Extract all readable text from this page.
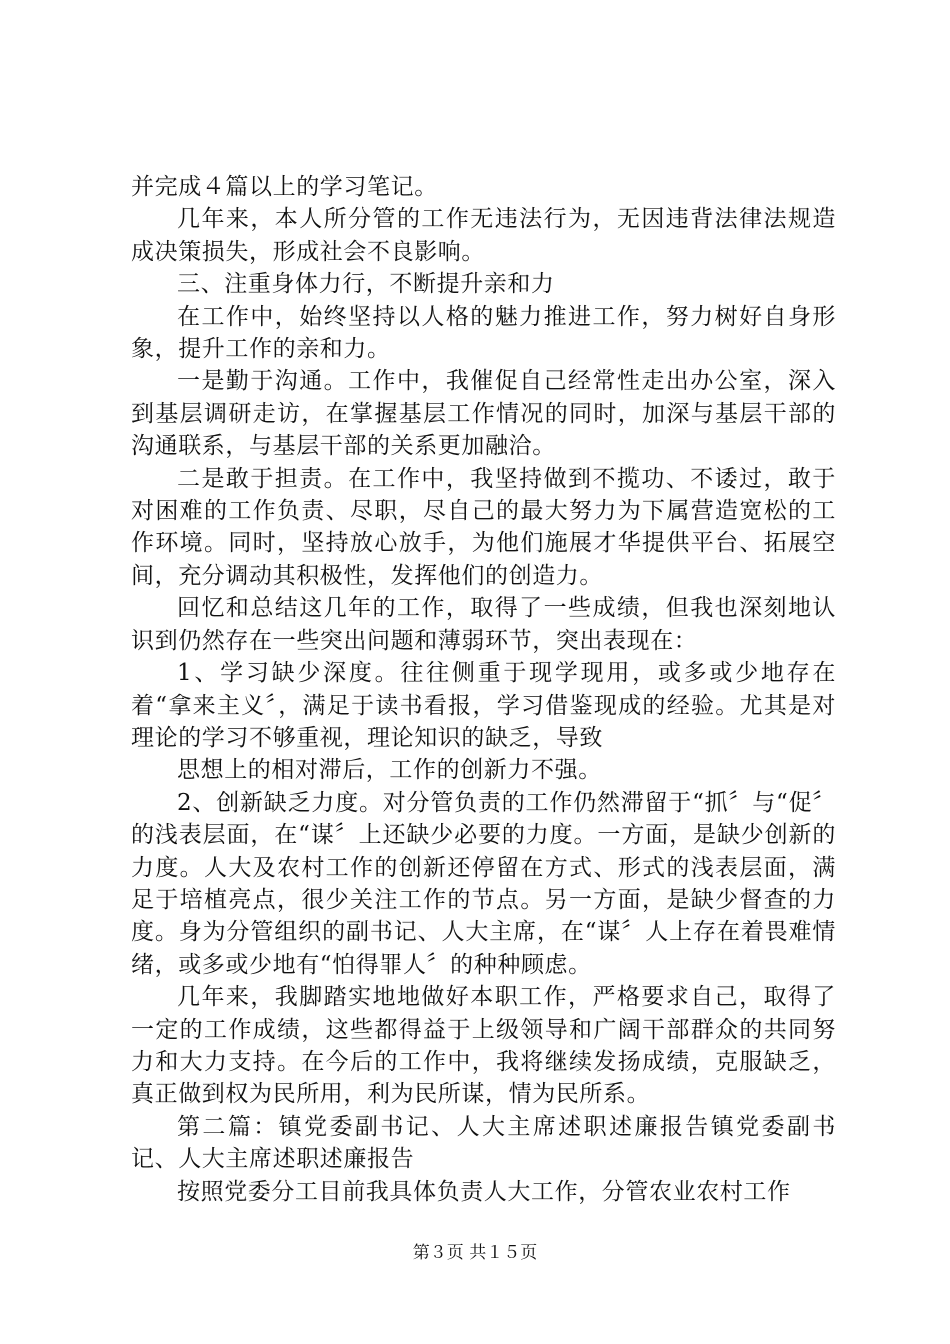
并完成４篇以上的学习笔记。

几年来，本人所分管的工作无违法行为，无因违背法律法规造成决策损失，形成社会不良影响。

三、注重身体力行，不断提升亲和力

在工作中，始终坚持以人格的魅力推进工作，努力树好自身形象，提升工作的亲和力。

一是勤于沟通。工作中，我催促自己经常性走出办公室，深入到基层调研走访，在掌握基层工作情况的同时，加深与基层干部的沟通联系，与基层干部的关系更加融洽。

二是敢于担责。在工作中，我坚持做到不揽功、不诿过，敢于对困难的工作负责、尽职，尽自己的最大努力为下属营造宽松的工作环境。同时，坚持放心放手，为他们施展才华提供平台、拓展空间，充分调动其积极性，发挥他们的创造力。

回忆和总结这几年的工作，取得了一些成绩，但我也深刻地认识到仍然存在一些突出问题和薄弱环节，突出表现在：

1、学习缺少深度。往往侧重于现学现用，或多或少地存在着“拿来主义〞，满足于读书看报，学习借鉴现成的经验。尤其是对理论的学习不够重视，理论知识的缺乏，导致

思想上的相对滞后，工作的创新力不强。

2、创新缺乏力度。对分管负责的工作仍然滞留于“抓〞与“促〞的浅表层面，在“谋〞上还缺少必要的力度。一方面，是缺少创新的力度。人大及农村工作的创新还停留在方式、形式的浅表层面，满足于培植亮点，很少关注工作的节点。另一方面，是缺少督查的力度。身为分管组织的副书记、人大主席，在“谋〞人上存在着畏难情绪，或多或少地有“怕得罪人〞的种种顾虑。

几年来，我脚踏实地地做好本职工作，严格要求自己，取得了一定的工作成绩，这些都得益于上级领导和广阔干部群众的共同努力和大力支持。在今后的工作中，我将继续发扬成绩，克服缺乏，真正做到权为民所用，利为民所谋，情为民所系。

第二篇：镇党委副书记、人大主席述职述廉报告镇党委副书记、人大主席述职述廉报告

按照党委分工目前我具体负责人大工作，分管农业农村工作

第３页 共１５页
